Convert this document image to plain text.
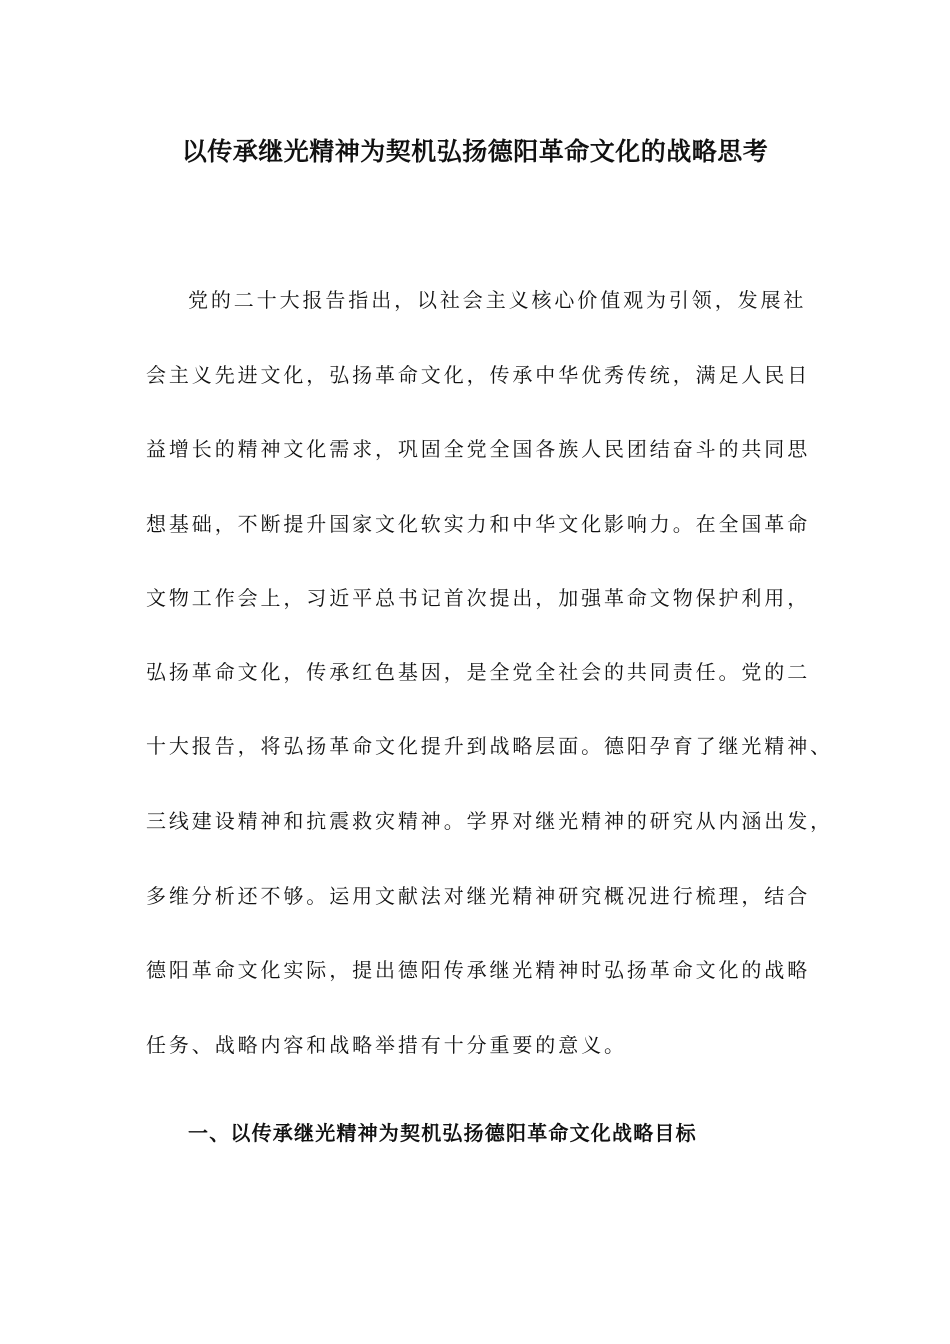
以传承继光精神为契机弘扬德阳革命文化的战略思考
党的二十大报告指出，以社会主义核心价值观为引领，发展社
会主义先进文化，弘扬革命文化，传承中华优秀传统，满足人民日
益增长的精神文化需求，巩固全党全国各族人民团结奋斗的共同思
想基础，不断提升国家文化软实力和中华文化影响力。在全国革命
文物工作会上，习近平总书记首次提出，加强革命文物保护利用，
弘扬革命文化，传承红色基因，是全党全社会的共同责任。党的二
十大报告，将弘扬革命文化提升到战略层面。德阳孕育了继光精神、
三线建设精神和抗震救灾精神。学界对继光精神的研究从内涵出发，
多维分析还不够。运用文献法对继光精神研究概况进行梳理，结合
德阳革命文化实际，提出德阳传承继光精神时弘扬革命文化的战略
任务、战略内容和战略举措有十分重要的意义。
一、以传承继光精神为契机弘扬德阳革命文化战略目标
